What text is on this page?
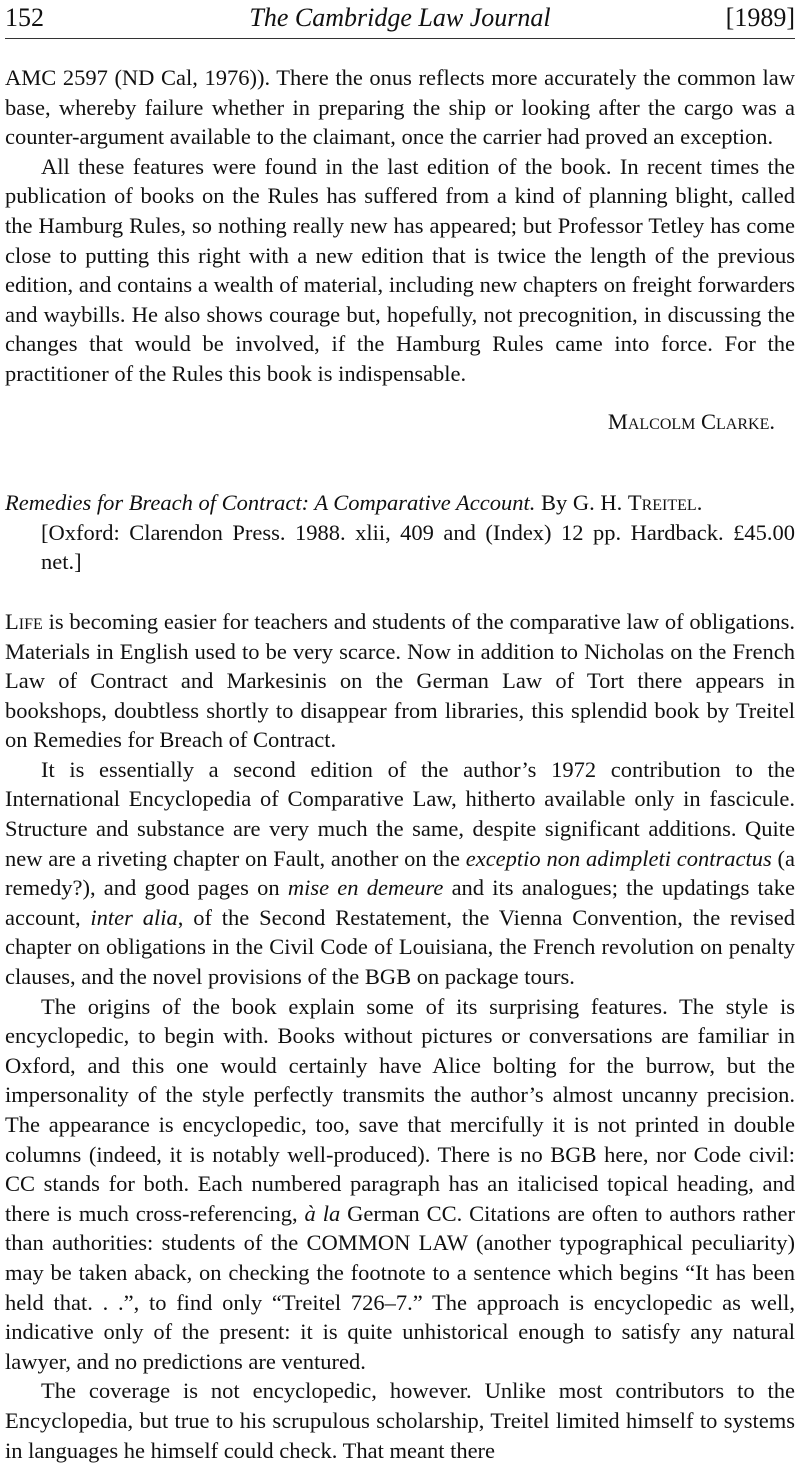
152	The Cambridge Law Journal	[1989]

AMC 2597 (ND Cal, 1976)). There the onus reflects more accurately the common law base, whereby failure whether in preparing the ship or looking after the cargo was a counter-argument available to the claimant, once the carrier had proved an exception.

All these features were found in the last edition of the book. In recent times the publication of books on the Rules has suffered from a kind of planning blight, called the Hamburg Rules, so nothing really new has appeared; but Professor Tetley has come close to putting this right with a new edition that is twice the length of the previous edition, and contains a wealth of material, including new chapters on freight forwarders and waybills. He also shows courage but, hopefully, not precognition, in discussing the changes that would be involved, if the Hamburg Rules came into force. For the practitioner of the Rules this book is indispensable.

Malcolm Clarke.
Remedies for Breach of Contract: A Comparative Account. By G. H. Treitel.
[Oxford: Clarendon Press. 1988. xlii, 409 and (Index) 12 pp. Hardback. £45.00 net.]

Life is becoming easier for teachers and students of the comparative law of obligations. Materials in English used to be very scarce. Now in addition to Nicholas on the French Law of Contract and Markesinis on the German Law of Tort there appears in bookshops, doubtless shortly to disappear from libraries, this splendid book by Treitel on Remedies for Breach of Contract.

It is essentially a second edition of the author’s 1972 contribution to the International Encyclopedia of Comparative Law, hitherto available only in fascicule. Structure and substance are very much the same, despite significant additions. Quite new are a riveting chapter on Fault, another on the exceptio non adimpleti contractus (a remedy?), and good pages on mise en demeure and its analogues; the updatings take account, inter alia, of the Second Restatement, the Vienna Convention, the revised chapter on obligations in the Civil Code of Louisiana, the French revolution on penalty clauses, and the novel provisions of the BGB on package tours.

The origins of the book explain some of its surprising features. The style is encyclopedic, to begin with. Books without pictures or conversations are familiar in Oxford, and this one would certainly have Alice bolting for the burrow, but the impersonality of the style perfectly transmits the author’s almost uncanny precision. The appearance is encyclopedic, too, save that mercifully it is not printed in double columns (indeed, it is notably well-produced). There is no BGB here, nor Code civil: CC stands for both. Each numbered paragraph has an italicised topical heading, and there is much cross-referencing, à la German CC. Citations are often to authors rather than authorities: students of the COMMON LAW (another typographical peculiarity) may be taken aback, on checking the footnote to a sentence which begins “It has been held that. . .”, to find only “Treitel 726–7.” The approach is encyclopedic as well, indicative only of the present: it is quite unhistorical enough to satisfy any natural lawyer, and no predictions are ventured.

The coverage is not encyclopedic, however. Unlike most contributors to the Encyclopedia, but true to his scrupulous scholarship, Treitel limited himself to systems in languages he himself could check. That meant there
